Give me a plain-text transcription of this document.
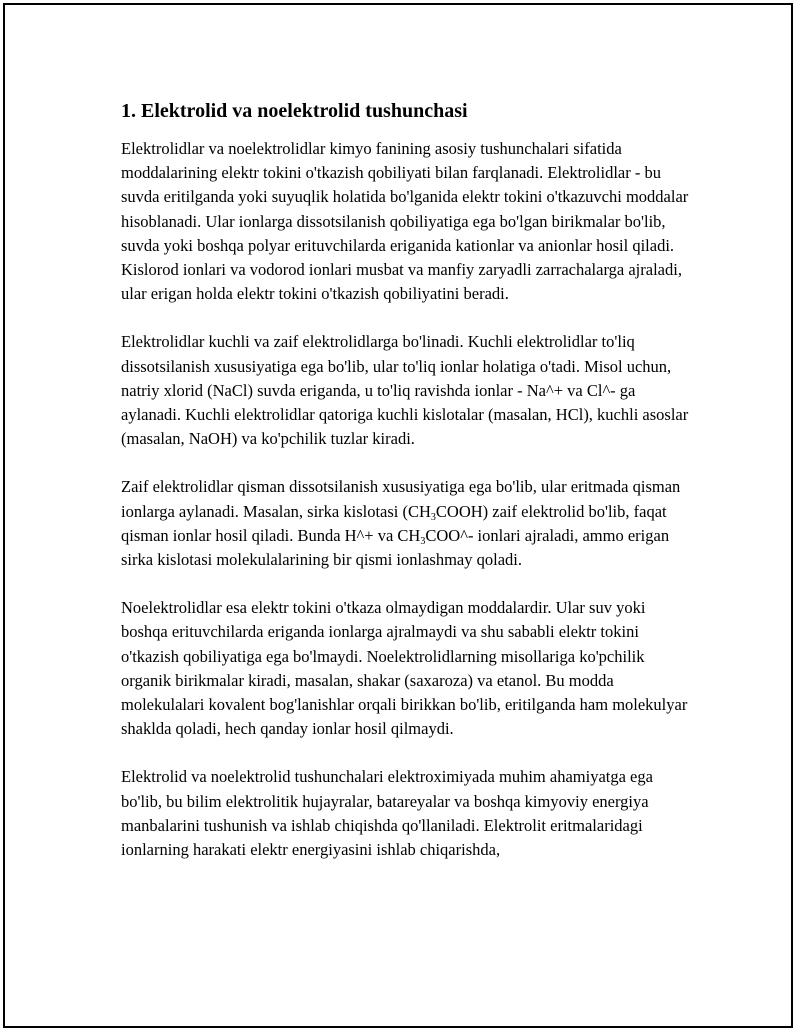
1. Elektrolid va noelektrolid tushunchasi

Elektrolidlar va noelektrolidlar kimyo fanining asosiy tushunchalari sifatida moddalarining elektr tokini o'tkazish qobiliyati bilan farqlanadi. Elektrolidlar - bu suvda eritilganda yoki suyuqlik holatida bo'lganida elektr tokini o'tkazuvchi moddalar hisoblanadi. Ular ionlarga dissotsilanish qobiliyatiga ega bo'lgan birikmalar bo'lib, suvda yoki boshqa polyar erituvchilarda eriganida kationlar va anionlar hosil qiladi. Kislorod ionlari va vodorod ionlari musbat va manfiy zaryadli zarrachalarga ajraladi, ular erigan holda elektr tokini o'tkazish qobiliyatini beradi.

Elektrolidlar kuchli va zaif elektrolidlarga bo'linadi. Kuchli elektrolidlar to'liq dissotsilanish xususiyatiga ega bo'lib, ular to'liq ionlar holatiga o'tadi. Misol uchun, natriy xlorid (NaCl) suvda eriganda, u to'liq ravishda ionlar - Na^+ va Cl^- ga aylanadi. Kuchli elektrolidlar qatoriga kuchli kislotalar (masalan, HCl), kuchli asoslar (masalan, NaOH) va ko'pchilik tuzlar kiradi.

Zaif elektrolidlar qisman dissotsilanish xususiyatiga ega bo'lib, ular eritmada qisman ionlarga aylanadi. Masalan, sirka kislotasi $(CH_3COOH)$ zaif elektrolid bo'lib, faqat qisman ionlar hosil qiladi. Bunda H^+ va $CH_3COO\^{}-$ ionlari ajraladi, ammo erigan sirka kislotasi molekulalarining bir qismi ionlashmay qoladi.

Noelektrolidlar esa elektr tokini o'tkaza olmaydigan moddalardir. Ular suv yoki boshqa erituvchilarda eriganda ionlarga ajralmaydi va shu sababli elektr tokini o'tkazish qobiliyatiga ega bo'lmaydi. Noelektrolidlarning misollariga ko'pchilik organik birikmalar kiradi, masalan, shakar (saxaroza) va etanol. Bu modda molekulalari kovalent bog'lanishlar orqali birikkan bo'lib, eritilganda ham molekulyar shaklda qoladi, hech qanday ionlar hosil qilmaydi.

Elektrolid va noelektrolid tushunchalari elektroximiyada muhim ahamiyatga ega bo'lib, bu bilim elektrolitik hujayralar, batareyalar va boshqa kimyoviy energiya manbalarini tushunish va ishlab chiqishda qo'llaniladi. Elektrolit eritmalaridagi ionlarning harakati elektr energiyasini ishlab chiqarishda,
